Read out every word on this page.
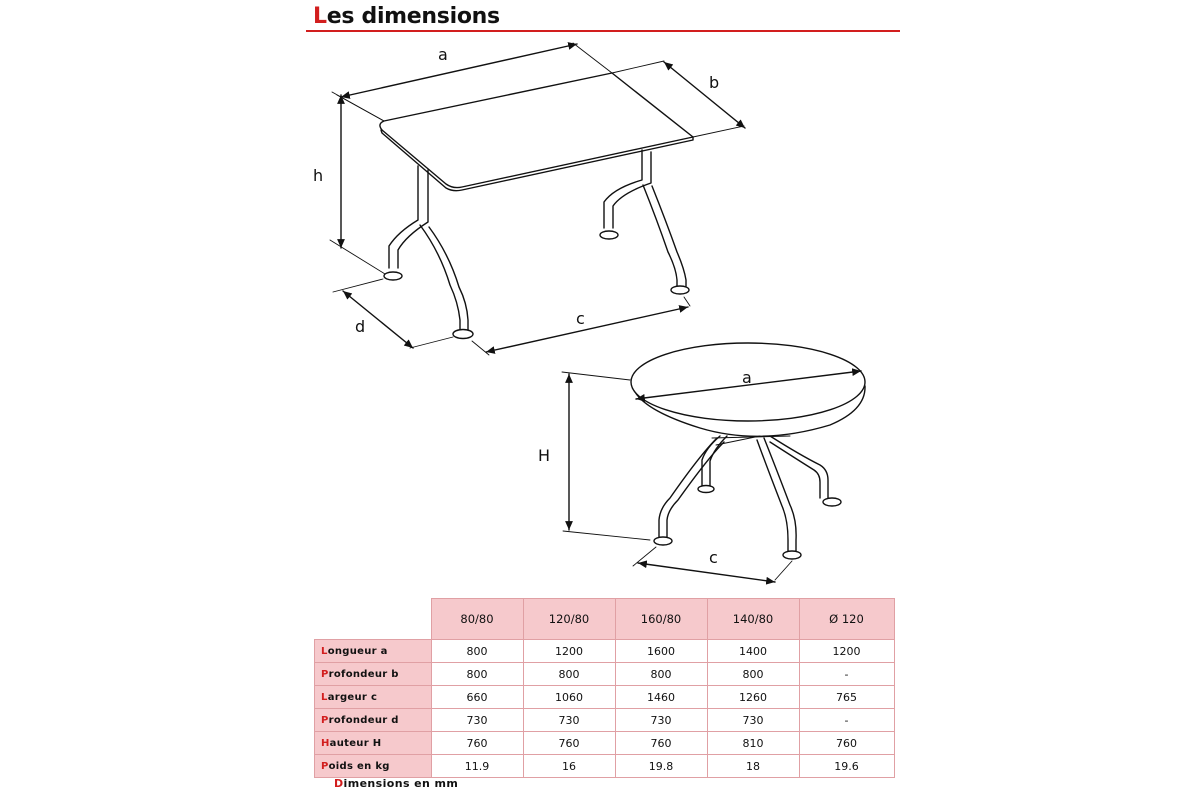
Les dimensions
a
b
h
d	c
a
H
c
	80/80	120/80	160/80	140/80	Ø 120
Longueur a	800	1200	1600	1400	1200
Profondeur b	800	800	800	800	-
Largeur c	660	1060	1460	1260	765
Profondeur d	730	730	730	730	-
Hauteur H	760	760	760	810	760
Poids en kg	11.9	16	19.8	18	19.6
Dimensions en mm
